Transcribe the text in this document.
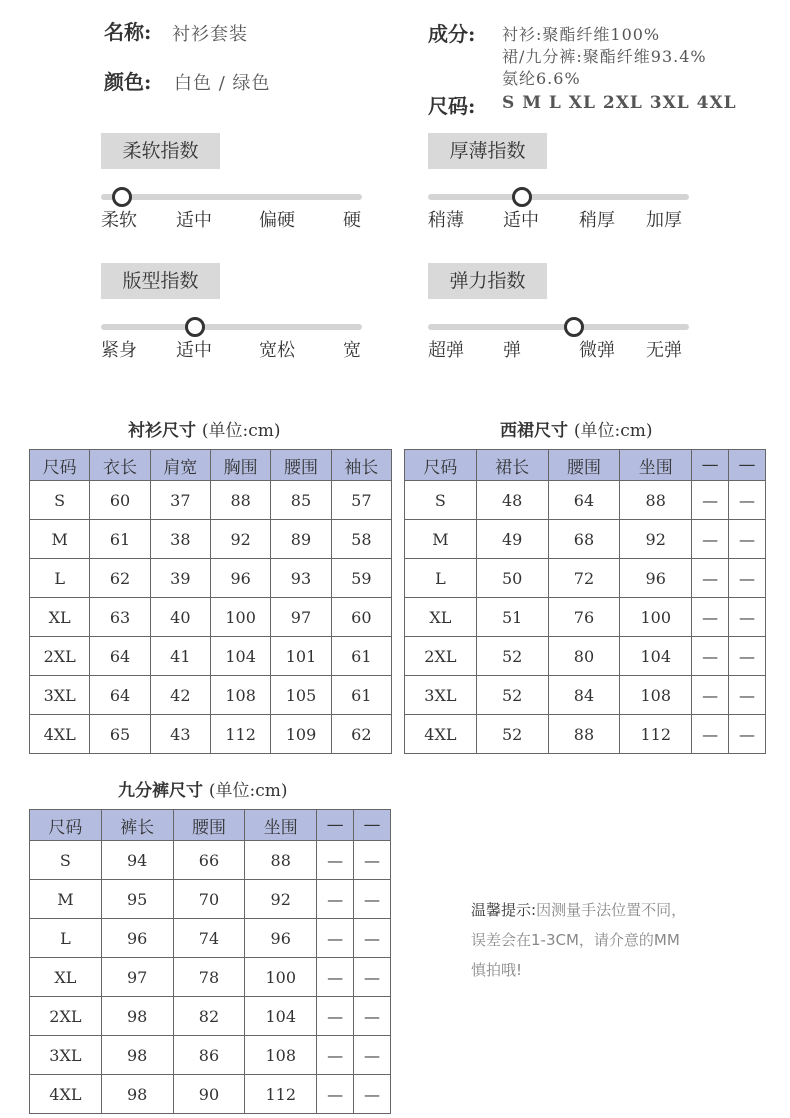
名称: 衬衫套装
颜色: 白色 / 绿色
成分: 衬衫:聚酯纤维100%
裙/九分裤:聚酯纤维93.4%
氨纶6.6%
尺码: S M L XL 2XL 3XL 4XL
柔软指数
柔软 适中	偏硬	硬
厚薄指数
稍薄 适中 稍厚 加厚
版型指数
紧身 适中	宽松	宽
弹力指数
超弹 弹	微弹 无弹
衬衫尺寸 (单位:cm)
尺码	衣长	肩宽	胸围	腰围	袖长
S	60	37	88	85	57
M	61	38	92	89	58
L	62	39	96	93	59
XL	63	40	100	97	60
2XL	64	41	104	101	61
3XL	64	42	108	105	61
4XL	65	43	112	109	62
西裙尺寸 (单位:cm)
尺码	裙长	腰围	坐围	—	—
S	48	64	88	—	—
M	49	68	92	—	—
L	50	72	96	—	—
XL	51	76	100	—	—
2XL	52	80	104	—	—
3XL	52	84	108	—	—
4XL	52	88	112	—	—
九分裤尺寸 (单位:cm)
尺码	裤长	腰围	坐围	—	—
S	94	66	88	—	—
M	95	70	92	—	—
L	96	74	96	—	—
XL	97	78	100	—	—
2XL	98	82	104	—	—
3XL	98	86	108	—	—
4XL	98	90	112	—	—
温馨提示:因测量手法位置不同，
误差会在1-3CM，请介意的MM
慎拍哦!
